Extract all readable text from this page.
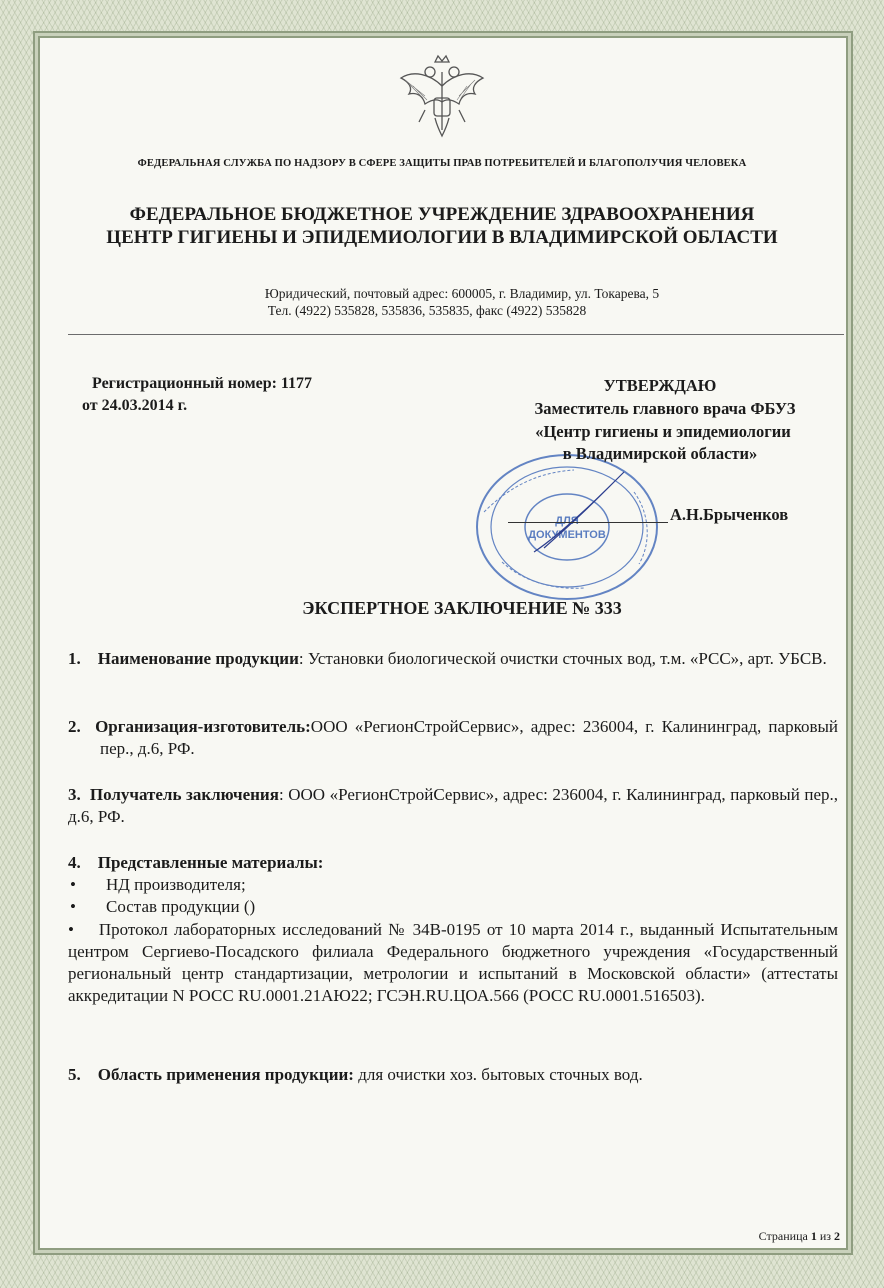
ФЕДЕРАЛЬНАЯ СЛУЖБА ПО НАДЗОРУ В СФЕРЕ ЗАЩИТЫ ПРАВ ПОТРЕБИТЕЛЕЙ И БЛАГОПОЛУЧИЯ ЧЕЛОВЕКА
ФЕДЕРАЛЬНОЕ БЮДЖЕТНОЕ УЧРЕЖДЕНИЕ ЗДРАВООХРАНЕНИЯ
ЦЕНТР ГИГИЕНЫ И ЭПИДЕМИОЛОГИИ В ВЛАДИМИРСКОЙ ОБЛАСТИ
Юридический, почтовый адрес: 600005, г. Владимир, ул. Токарева, 5
Тел. (4922) 535828, 535836, 535835, факс (4922) 535828
Регистрационный номер: 1177
от 24.03.2014 г.
ДЛЯ
ДОКУМЕНТОВ
УТВЕРЖДАЮ
Заместитель главного врача ФБУЗ
«Центр гигиены и эпидемиологии
в Владимирской области»
А.Н.Брыченков
ЭКСПЕРТНОЕ ЗАКЛЮЧЕНИЕ № 333
1. Наименование продукции: Установки биологической очистки сточных вод, т.м. «РСС», арт. УБСВ.
2. Организация-изготовитель:ООО «РегионСтройСервис», адрес: 236004, г. Калининград, парковый пер., д.6, РФ.
3. Получатель заключения: ООО «РегионСтройСервис», адрес: 236004, г. Калининград, парковый пер., д.6, РФ.
4. Представленные материалы:
• НД производителя;
• Состав продукции ()
• Протокол лабораторных исследований № 34В-0195 от 10 марта 2014 г., выданный Испытательным центром Сергиево-Посадского филиала Федерального бюджетного учреждения «Государственный региональный центр стандартизации, метрологии и испытаний в Московской области» (аттестаты аккредитации N РОСС RU.0001.21АЮ22; ГСЭН.RU.ЦОА.566 (РОСС RU.0001.516503).
5. Область применения продукции: для очистки хоз. бытовых сточных вод.
Страница 1 из 2
